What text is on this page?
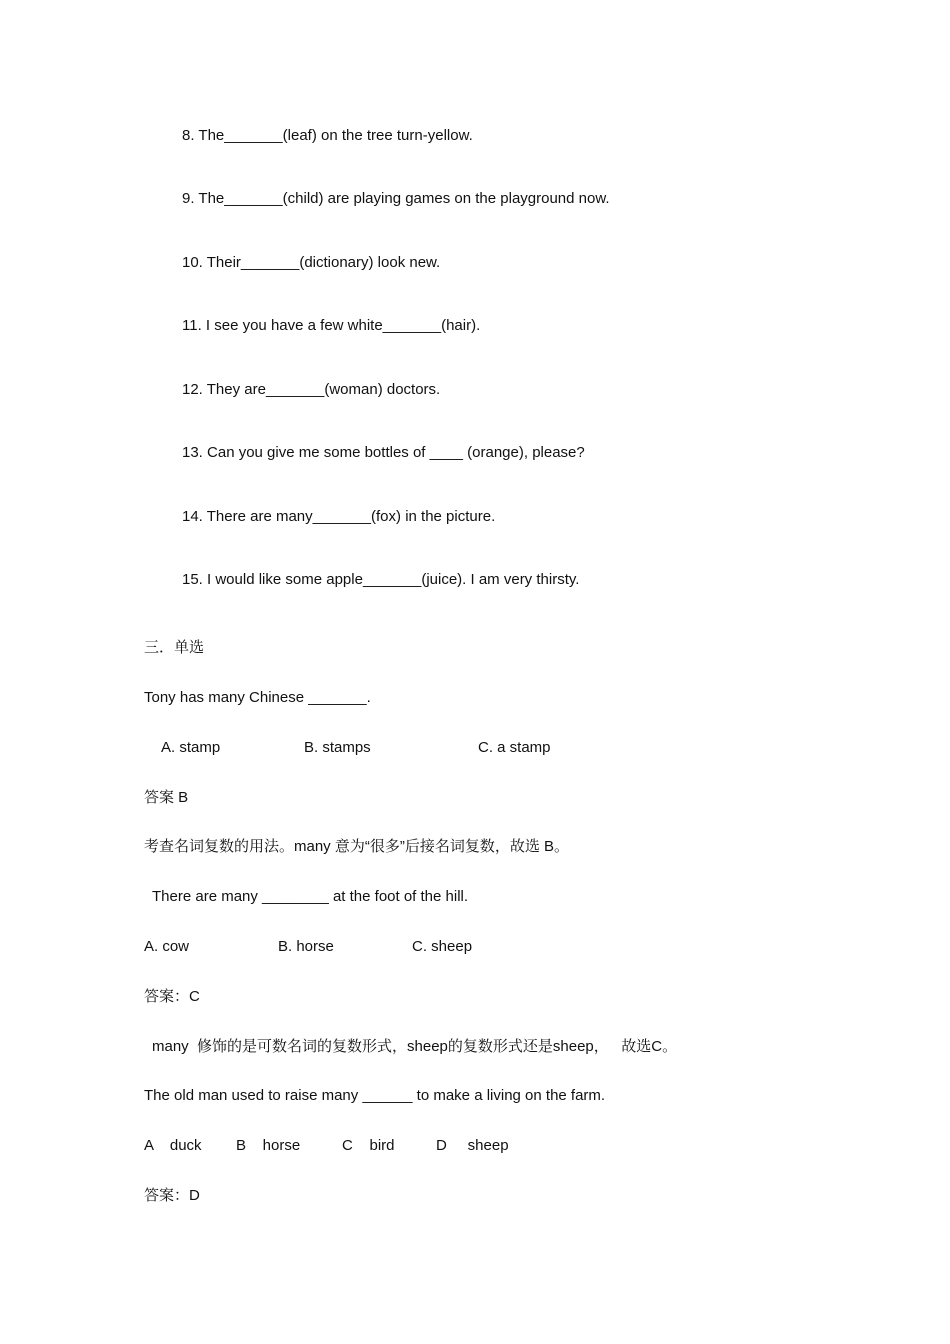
8. The_______(leaf) on the tree turn-yellow.
9. The_______(child) are playing games on the playground now.
10. Their_______(dictionary) look new.
11. I see you have a few white_______(hair).
12. They are_______(woman) doctors.
13. Can you give me some bottles of ____ (orange), please?
14. There are many_______(fox) in the picture.
15. I would like some apple_______(juice). I am very thirsty.
三．单选
Tony has many Chinese _______.
A. stamp	B. stamps	C. a stamp
答案 B
考查名词复数的用法。many 意为“很多”后接名词复数，故选 B。
There are many ________ at the foot of the hill.
A. cow	B. horse	C. sheep
答案：C
many  修饰的是可数名词的复数形式，sheep的复数形式还是sheep，   故选C。
The old man used to raise many ______ to make a living on the farm.
A    duck B    horse	C    bird	D     sheep
答案：D
